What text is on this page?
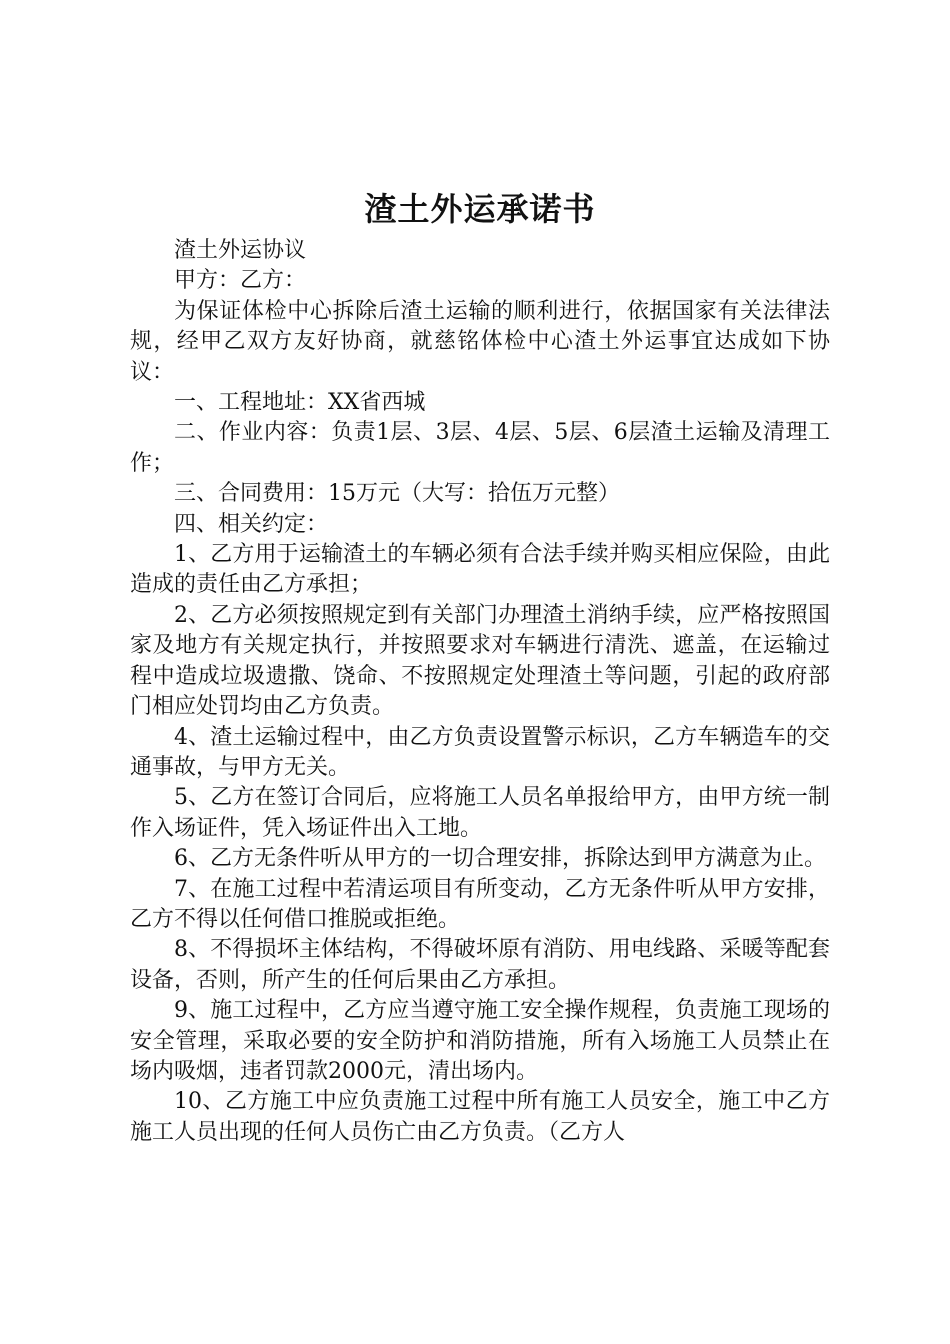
渣土外运承诺书

渣土外运协议

甲方：乙方：

为保证体检中心拆除后渣土运输的顺利进行，依据国家有关法律法规，经甲乙双方友好协商，就慈铭体检中心渣土外运事宜达成如下协议：

一、工程地址：XX省西城

二、作业内容：负责1层、3层、4层、5层、6层渣土运输及清理工作；

三、合同费用：15万元（大写：拾伍万元整）

四、相关约定：

1、乙方用于运输渣土的车辆必须有合法手续并购买相应保险，由此造成的责任由乙方承担；

2、乙方必须按照规定到有关部门办理渣土消纳手续，应严格按照国家及地方有关规定执行，并按照要求对车辆进行清洗、遮盖，在运输过程中造成垃圾遗撒、饶命、不按照规定处理渣土等问题，引起的政府部门相应处罚均由乙方负责。

4、渣土运输过程中，由乙方负责设置警示标识，乙方车辆造车的交通事故，与甲方无关。

5、乙方在签订合同后，应将施工人员名单报给甲方，由甲方统一制作入场证件，凭入场证件出入工地。

6、乙方无条件听从甲方的一切合理安排，拆除达到甲方满意为止。

7、在施工过程中若清运项目有所变动，乙方无条件听从甲方安排，乙方不得以任何借口推脱或拒绝。

8、不得损坏主体结构，不得破坏原有消防、用电线路、采暖等配套设备，否则，所产生的任何后果由乙方承担。

9、施工过程中，乙方应当遵守施工安全操作规程，负责施工现场的安全管理，采取必要的安全防护和消防措施，所有入场施工人员禁止在场内吸烟，违者罚款2000元，清出场内。

10、乙方施工中应负责施工过程中所有施工人员安全，施工中乙方施工人员出现的任何人员伤亡由乙方负责。（乙方人
